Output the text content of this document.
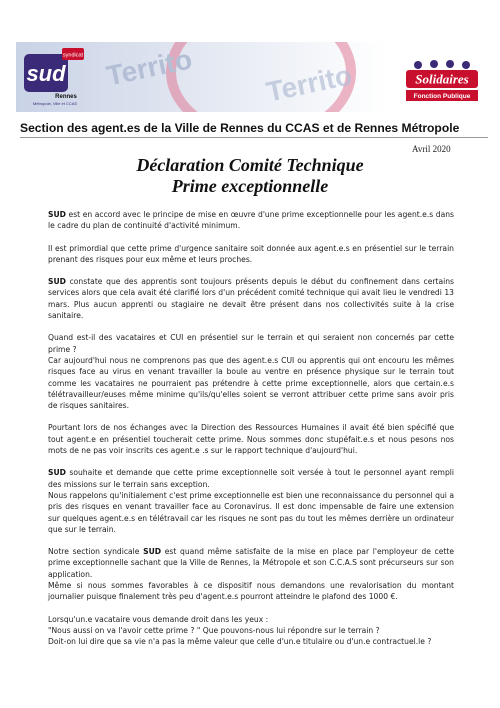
Territo Territo
syndicat
sud
Rennes
Métropole, Ville et CCAS
Solidaires
Fonction Publique
Section des agent.es de la Ville de Rennes du CCAS et de Rennes Métropole
Avril 2020
Déclaration Comité Technique
Prime exceptionnelle

SUD est en accord avec le principe de mise en œuvre d'une prime exceptionnelle pour les agent.e.s dans le cadre du plan de continuité d'activité minimum.

Il est primordial que cette prime d'urgence sanitaire soit donnée aux agent.e.s en présentiel sur le terrain prenant des risques pour eux même et leurs proches.

SUD constate que des apprentis sont toujours présents depuis le début du confinement dans certains services alors que cela avait été clarifié lors d'un précédent comité technique qui avait lieu le vendredi 13 mars. Plus aucun apprenti ou stagiaire ne devait être présent dans nos collectivités suite à la crise sanitaire.

Quand est-il des vacataires et CUI en présentiel sur le terrain et qui seraient non concernés par cette prime ?

Car aujourd'hui nous ne comprenons pas que des agent.e.s CUI ou apprentis qui ont encouru les mêmes risques face au virus en venant travailler la boule au ventre en présence physique sur le terrain tout comme les vacataires ne pourraient pas prétendre à cette prime exceptionnelle, alors que certain.e.s télétravailleur/euses même minime qu'ils/qu'elles soient se verront attribuer cette prime sans avoir pris de risques sanitaires.

Pourtant lors de nos échanges avec la Direction des Ressources Humaines il avait été bien spécifié que tout agent.e en présentiel toucherait cette prime. Nous sommes donc stupéfait.e.s et nous pesons nos mots de ne pas voir inscrits ces agent.e .s sur le rapport technique d'aujourd'hui.

SUD souhaite et demande que cette prime exceptionnelle soit versée à tout le personnel ayant rempli des missions sur le terrain sans exception.

Nous rappelons qu'initialement c'est prime exceptionnelle est bien une reconnaissance du personnel qui a pris des risques en venant travailler face au Coronavirus. Il est donc impensable de faire une extension sur quelques agent.e.s en télétravail car les risques ne sont pas du tout les mêmes derrière un ordinateur que sur le terrain.

Notre section syndicale SUD est quand même satisfaite de la mise en place par l'employeur de cette prime exceptionnelle sachant que la Ville de Rennes, la Métropole et son C.C.A.S sont précurseurs sur son application.

Même si nous sommes favorables à ce dispositif nous demandons une revalorisation du montant journalier puisque finalement très peu d'agent.e.s pourront atteindre le plafond des 1000 €.

Lorsqu'un.e vacataire vous demande droit dans les yeux :

"Nous aussi on va l'avoir cette prime ? " Que pouvons-nous lui répondre sur le terrain ?

Doit-on lui dire que sa vie n'a pas la même valeur que celle d'un.e titulaire ou d'un.e contractuel.le ?
